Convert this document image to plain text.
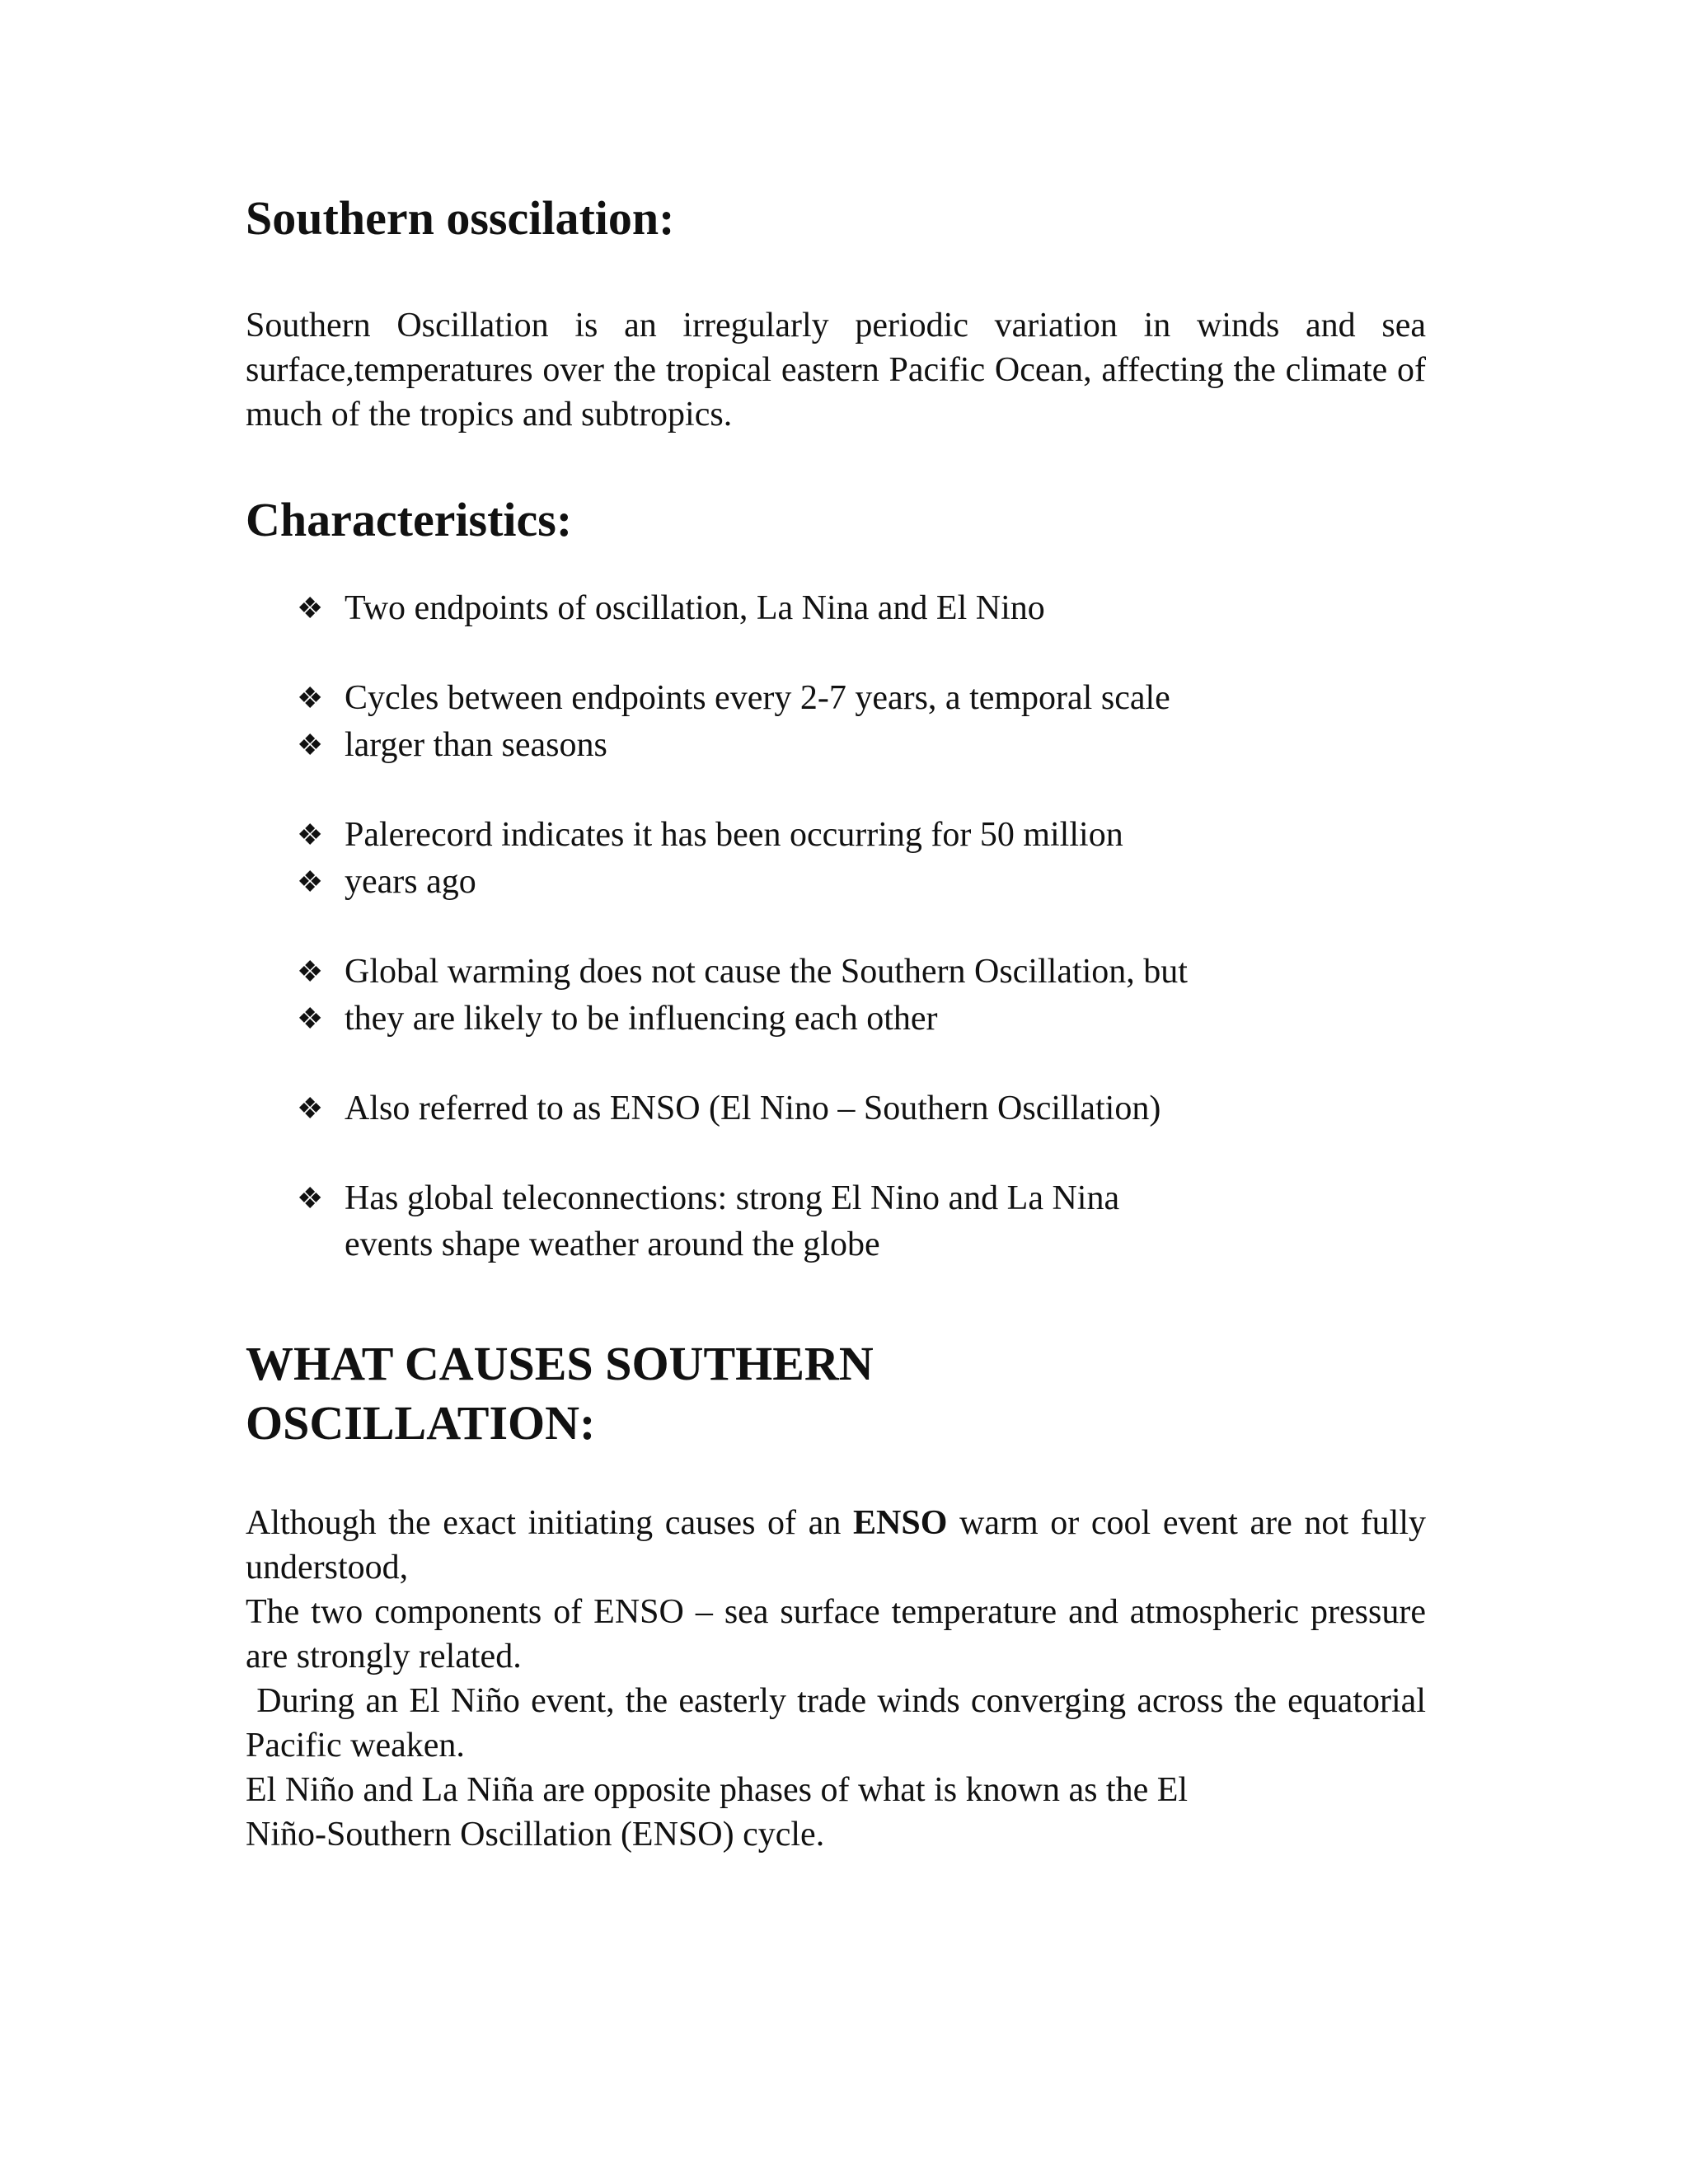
Southern osscilation:

Southern Oscillation is an irregularly periodic variation in winds and sea surface,temperatures over the tropical eastern Pacific Ocean, affecting the climate of much of the tropics and subtropics.

Characteristics:
❖ Two endpoints of oscillation, La Nina and El Nino
❖ Cycles between endpoints every 2-7 years, a temporal scale
❖ larger than seasons
❖ Palerecord indicates it has been occurring for 50 million
❖ years ago
❖ Global warming does not cause the Southern Oscillation, but
❖ they are likely to be influencing each other
❖ Also referred to as ENSO (El Nino – Southern Oscillation)
❖ Has global teleconnections: strong El Nino and La Nina
events shape weather around the globe
WHAT CAUSES SOUTHERN
OSCILLATION:

Although the exact initiating causes of an ENSO warm or cool event are not fully understood,

The two components of ENSO – sea surface temperature and atmospheric pressure are strongly related.

During an El Niño event, the easterly trade winds converging across the equatorial Pacific weaken.

El Niño and La Niña are opposite phases of what is known as the El
Niño-Southern Oscillation (ENSO) cycle.
